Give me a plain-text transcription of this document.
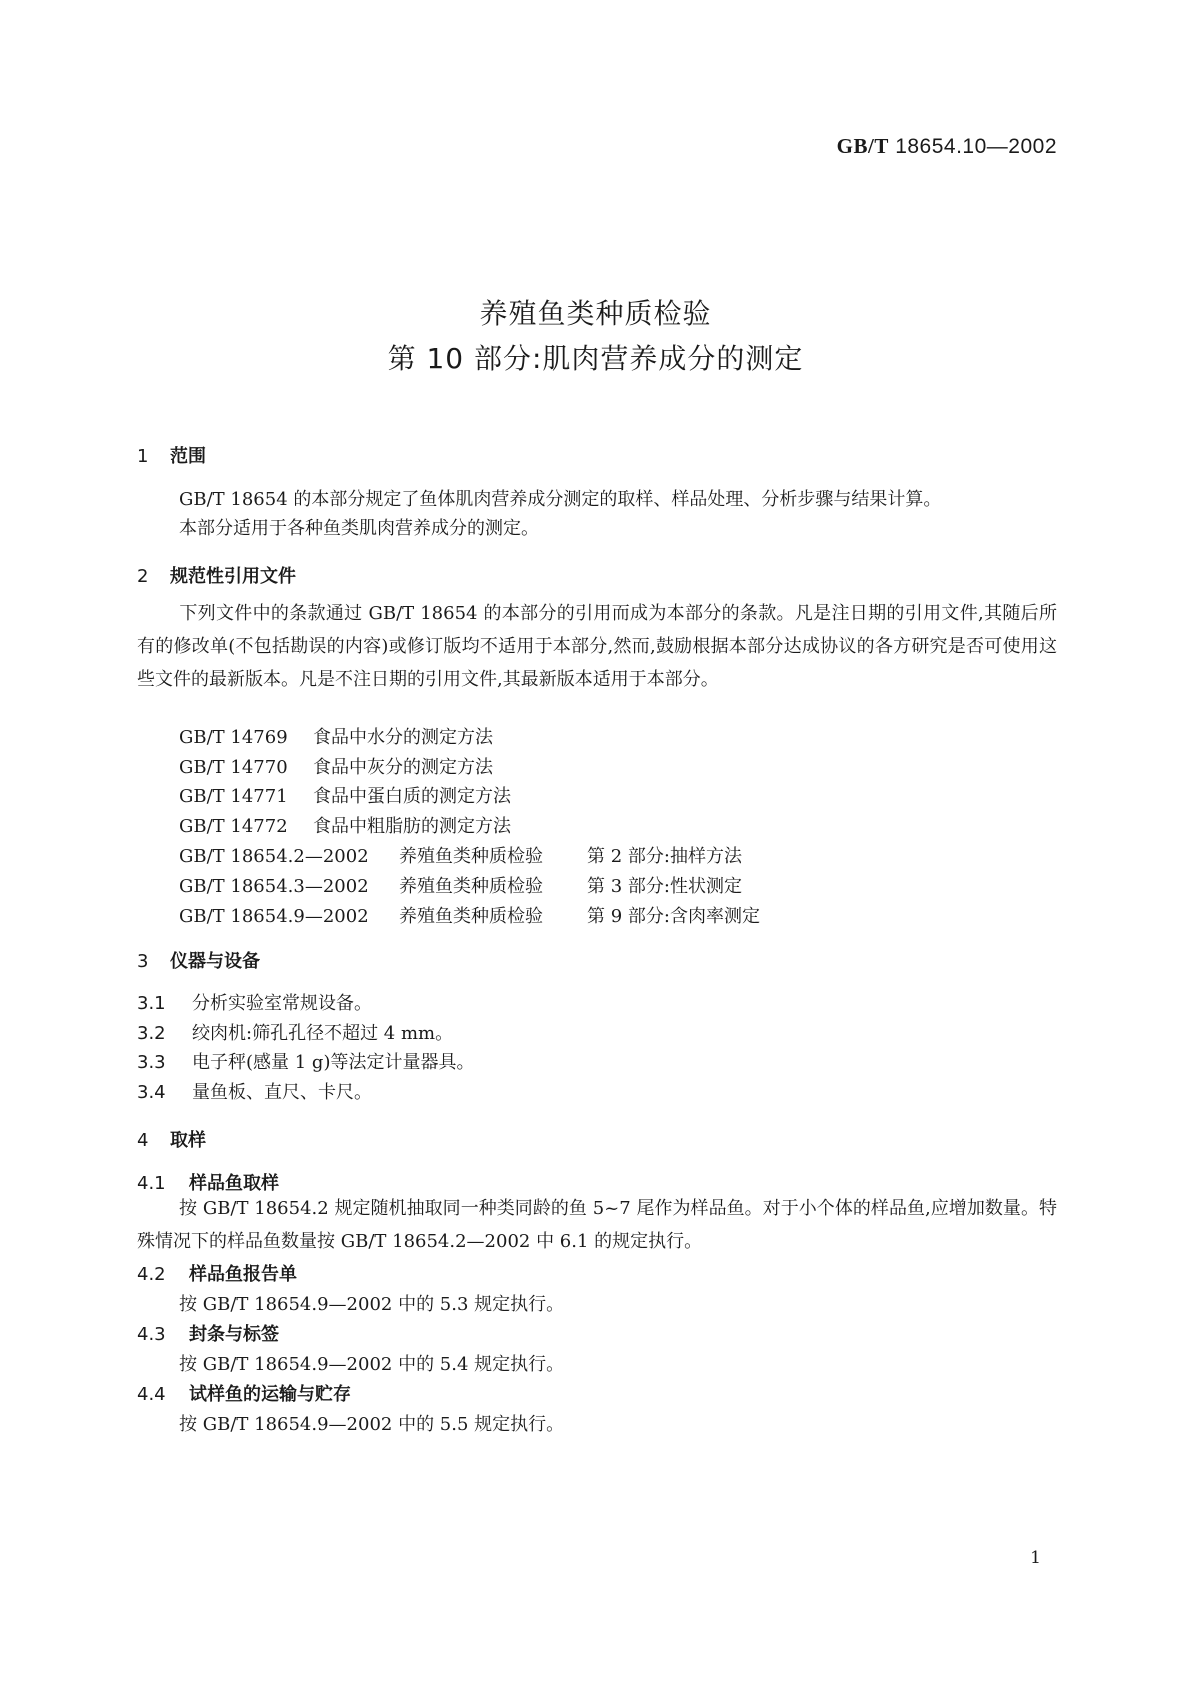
GB/T 18654.10—2002
养殖鱼类种质检验
第 10 部分:肌肉营养成分的测定
1 范围
GB/T 18654 的本部分规定了鱼体肌肉营养成分测定的取样、样品处理、分析步骤与结果计算。
本部分适用于各种鱼类肌肉营养成分的测定。
2 规范性引用文件
下列文件中的条款通过 GB/T 18654 的本部分的引用而成为本部分的条款。凡是注日期的引用文件,其随后所有的修改单(不包括勘误的内容)或修订版均不适用于本部分,然而,鼓励根据本部分达成协议的各方研究是否可使用这些文件的最新版本。凡是不注日期的引用文件,其最新版本适用于本部分。
GB/T 14769 食品中水分的测定方法
GB/T 14770 食品中灰分的测定方法
GB/T 14771 食品中蛋白质的测定方法
GB/T 14772 食品中粗脂肪的测定方法
GB/T 18654.2—2002 养殖鱼类种质检验 第 2 部分:抽样方法
GB/T 18654.3—2002 养殖鱼类种质检验 第 3 部分:性状测定
GB/T 18654.9—2002 养殖鱼类种质检验 第 9 部分:含肉率测定
3 仪器与设备
3.1 分析实验室常规设备。
3.2 绞肉机:筛孔孔径不超过 4 mm。
3.3 电子秤(感量 1 g)等法定计量器具。
3.4 量鱼板、直尺、卡尺。
4 取样
4.1 样品鱼取样
按 GB/T 18654.2 规定随机抽取同一种类同龄的鱼 5~7 尾作为样品鱼。对于小个体的样品鱼,应增加数量。特殊情况下的样品鱼数量按 GB/T 18654.2—2002 中 6.1 的规定执行。
4.2 样品鱼报告单
按 GB/T 18654.9—2002 中的 5.3 规定执行。
4.3 封条与标签
按 GB/T 18654.9—2002 中的 5.4 规定执行。
4.4 试样鱼的运输与贮存
按 GB/T 18654.9—2002 中的 5.5 规定执行。
1
